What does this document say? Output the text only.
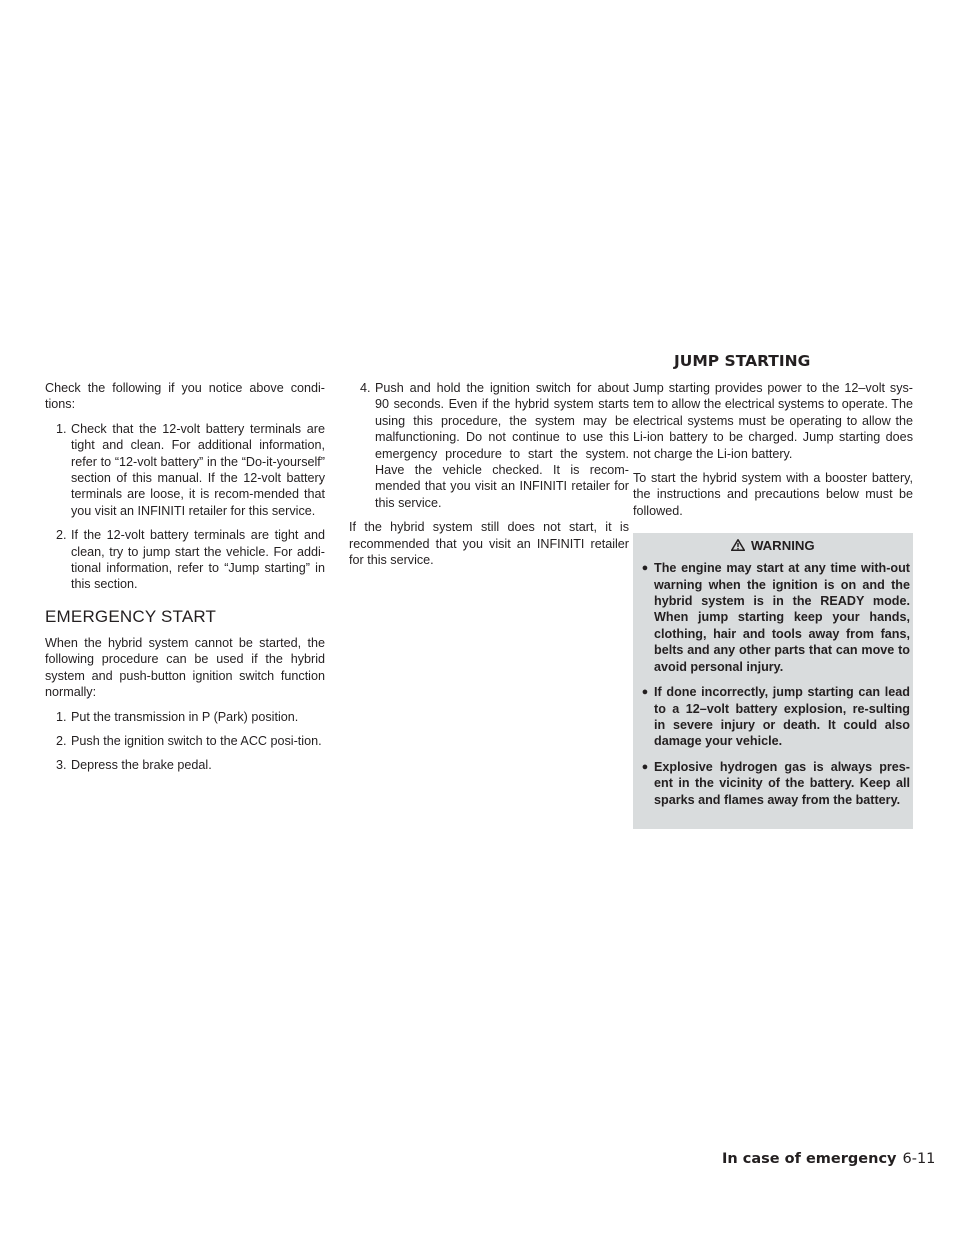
Check the following if you notice above condi-tions:

1. Check that the 12-volt battery terminals are tight and clean. For additional information, refer to “12-volt battery” in the “Do-it-yourself” section of this manual. If the 12-volt battery terminals are loose, it is recom-mended that you visit an INFINITI retailer for this service.
2. If the 12-volt battery terminals are tight and clean, try to jump start the vehicle. For addi-tional information, refer to “Jump starting” in this section.
EMERGENCY START

When the hybrid system cannot be started, the following procedure can be used if the hybrid system and push-button ignition switch function normally:

1. Put the transmission in P (Park) position.
2. Push the ignition switch to the ACC posi-tion.
3. Depress the brake pedal.
4. Push and hold the ignition switch for about 90 seconds. Even if the hybrid system starts using this procedure, the system may be malfunctioning. Do not continue to use this emergency procedure to start the system. Have the vehicle checked. It is recom-mended that you visit an INFINITI retailer for this service.

If the hybrid system still does not start, it is recommended that you visit an INFINITI retailer for this service.

JUMP STARTING

Jump starting provides power to the 12–volt sys-tem to allow the electrical systems to operate. The electrical systems must be operating to allow the Li-ion battery to be charged. Jump starting does not charge the Li-ion battery.

To start the hybrid system with a booster battery, the instructions and precautions below must be followed.

WARNING
● The engine may start at any time with-out warning when the ignition is on and the hybrid system is in the READY mode. When jump starting keep your hands, clothing, hair and tools away from fans, belts and any other parts that can move to avoid personal injury.
● If done incorrectly, jump starting can lead to a 12–volt battery explosion, re-sulting in severe injury or death. It could also damage your vehicle.
● Explosive hydrogen gas is always pres-ent in the vicinity of the battery. Keep all sparks and flames away from the battery.
In case of emergency 6-11
